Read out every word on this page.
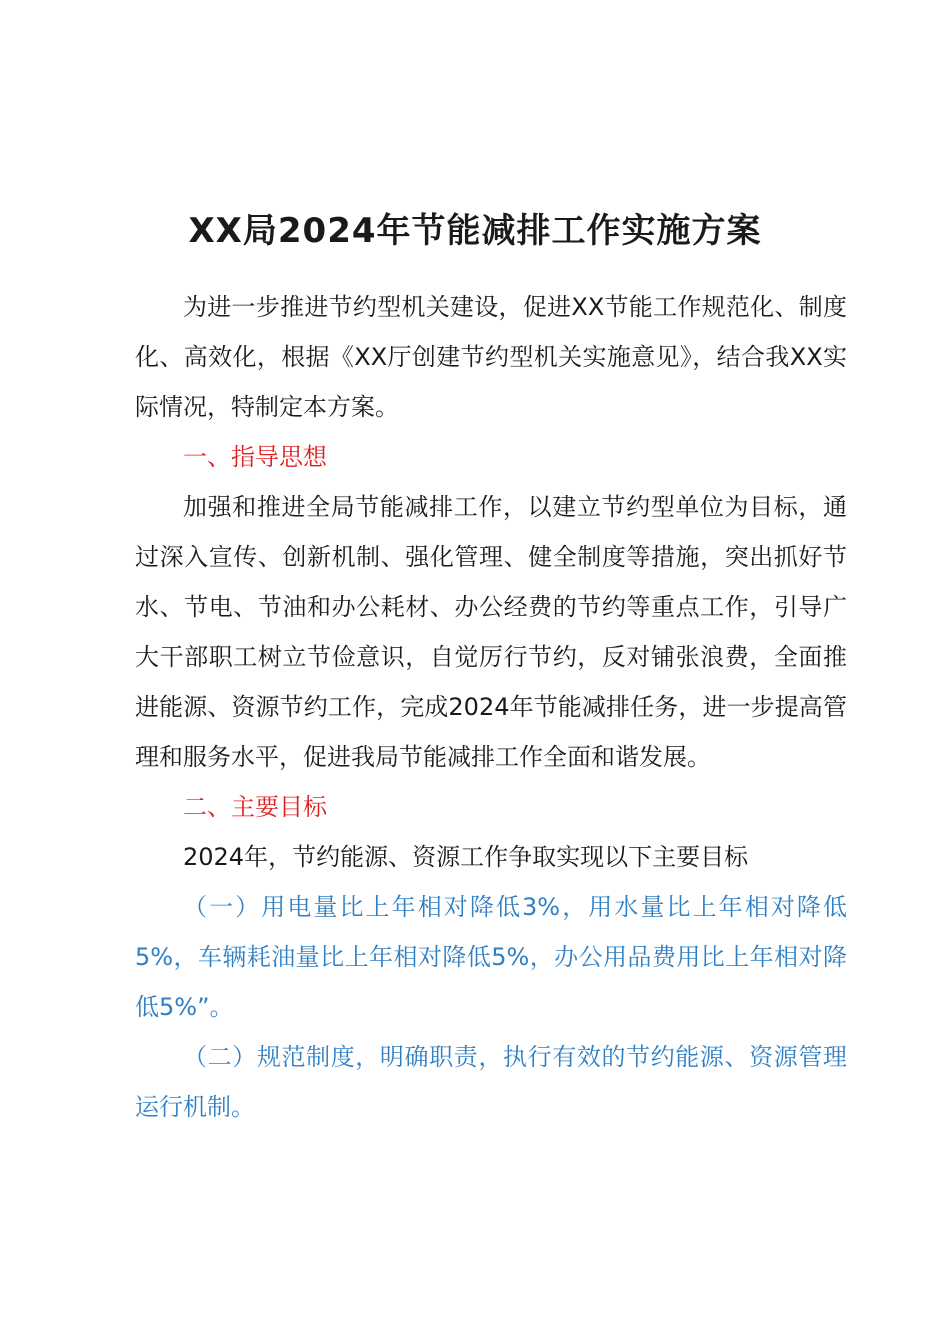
XX局2024年节能减排工作实施方案

为进一步推进节约型机关建设，促进XX节能工作规范化、制度化、高效化，根据《XX厅创建节约型机关实施意见》，结合我XX实际情况，特制定本方案。

一、指导思想

加强和推进全局节能减排工作，以建立节约型单位为目标，通过深入宣传、创新机制、强化管理、健全制度等措施，突出抓好节水、节电、节油和办公耗材、办公经费的节约等重点工作，引导广大干部职工树立节俭意识，自觉厉行节约，反对铺张浪费，全面推进能源、资源节约工作，完成2024年节能减排任务，进一步提高管理和服务水平，促进我局节能减排工作全面和谐发展。

二、主要目标

2024年，节约能源、资源工作争取实现以下主要目标

（一）用电量比上年相对降低3%，用水量比上年相对降低5%，车辆耗油量比上年相对降低5%，办公用品费用比上年相对降低5%”。

（二）规范制度，明确职责，执行有效的节约能源、资源管理运行机制。
